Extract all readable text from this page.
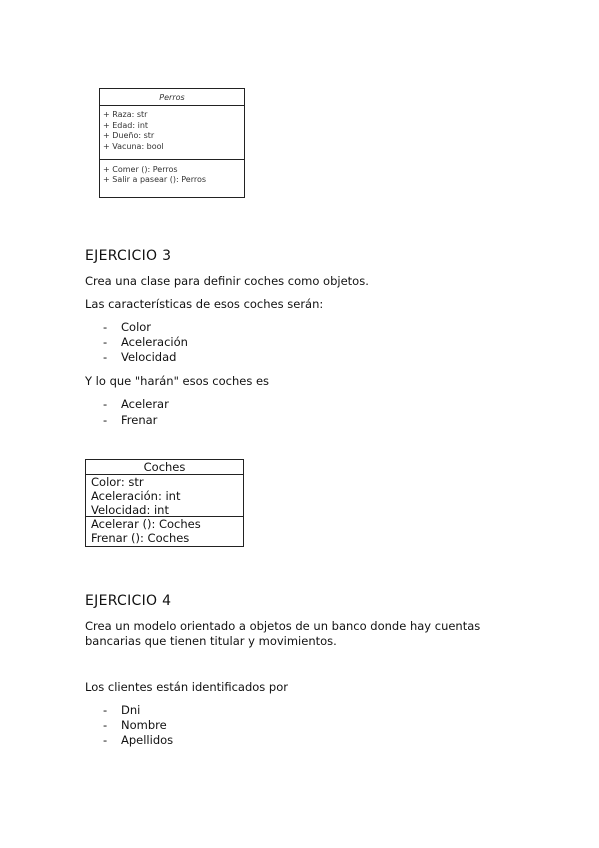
Perros
+ Raza: str
+ Edad: int
+ Dueño: str
+ Vacuna: bool
+ Comer (): Perros
+ Salir a pasear (): Perros
EJERCICIO 3
Crea una clase para definir coches como objetos.
Las características de esos coches serán:
- Color
- Aceleración
- Velocidad
Y lo que "harán" esos coches es
- Acelerar
- Frenar
Coches
Color: str
Aceleración: int
Velocidad: int
Acelerar (): Coches
Frenar (): Coches
EJERCICIO 4
Crea un modelo orientado a objetos de un banco donde hay cuentas
bancarias que tienen titular y movimientos.
Los clientes están identificados por
- Dni
- Nombre
- Apellidos
